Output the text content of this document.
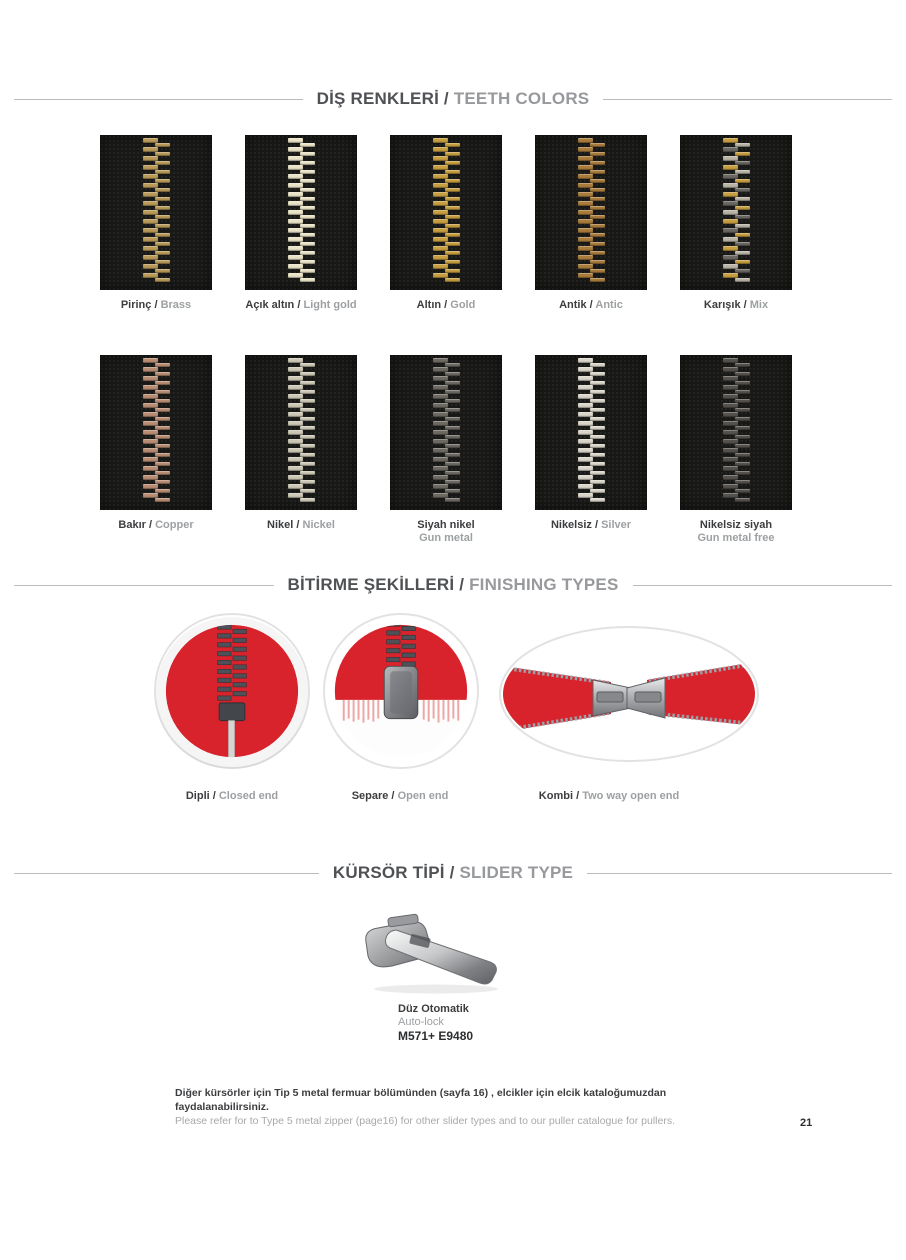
DİŞ RENKLERİ / TEETH COLORS
Pirinç / Brass	Açık altın / Light gold	Altın / Gold	Antik / Antic	Karışık / Mix
Bakır / Copper	Nikel / Nickel	Siyah nikel
Gun metal
Nikelsiz / Silver	Nikelsiz siyah
Gun metal free
BİTİRME ŞEKİLLERİ / FINISHING TYPES
Dipli / Closed end	Separe / Open end	Kombi / Two way open end
KÜRSÖR TİPİ / SLIDER TYPE
Düz Otomatik
Auto-lock
M571+ E9480
Diğer kürsörler için Tip 5 metal fermuar bölümünden (sayfa 16) , elcikler için elcik kataloğumuzdan faydalanabilirsiniz.
Please refer for to Type 5 metal zipper (page16) for other slider types and to our puller catalogue for pullers.	21
